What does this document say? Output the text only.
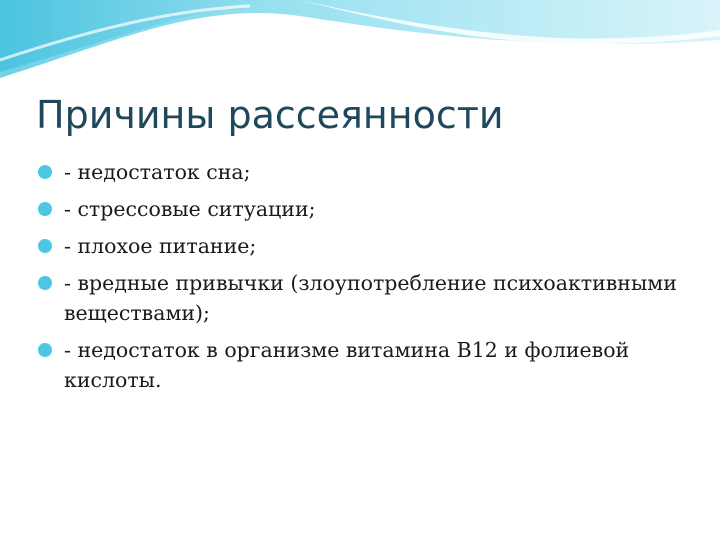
Причины рассеянности
- недостаток сна;
- стрессовые ситуации;
- плохое питание;
- вредные привычки (злоупотребление психоактивными веществами);
- недостаток в организме витамина B12 и фолиевой кислоты.
